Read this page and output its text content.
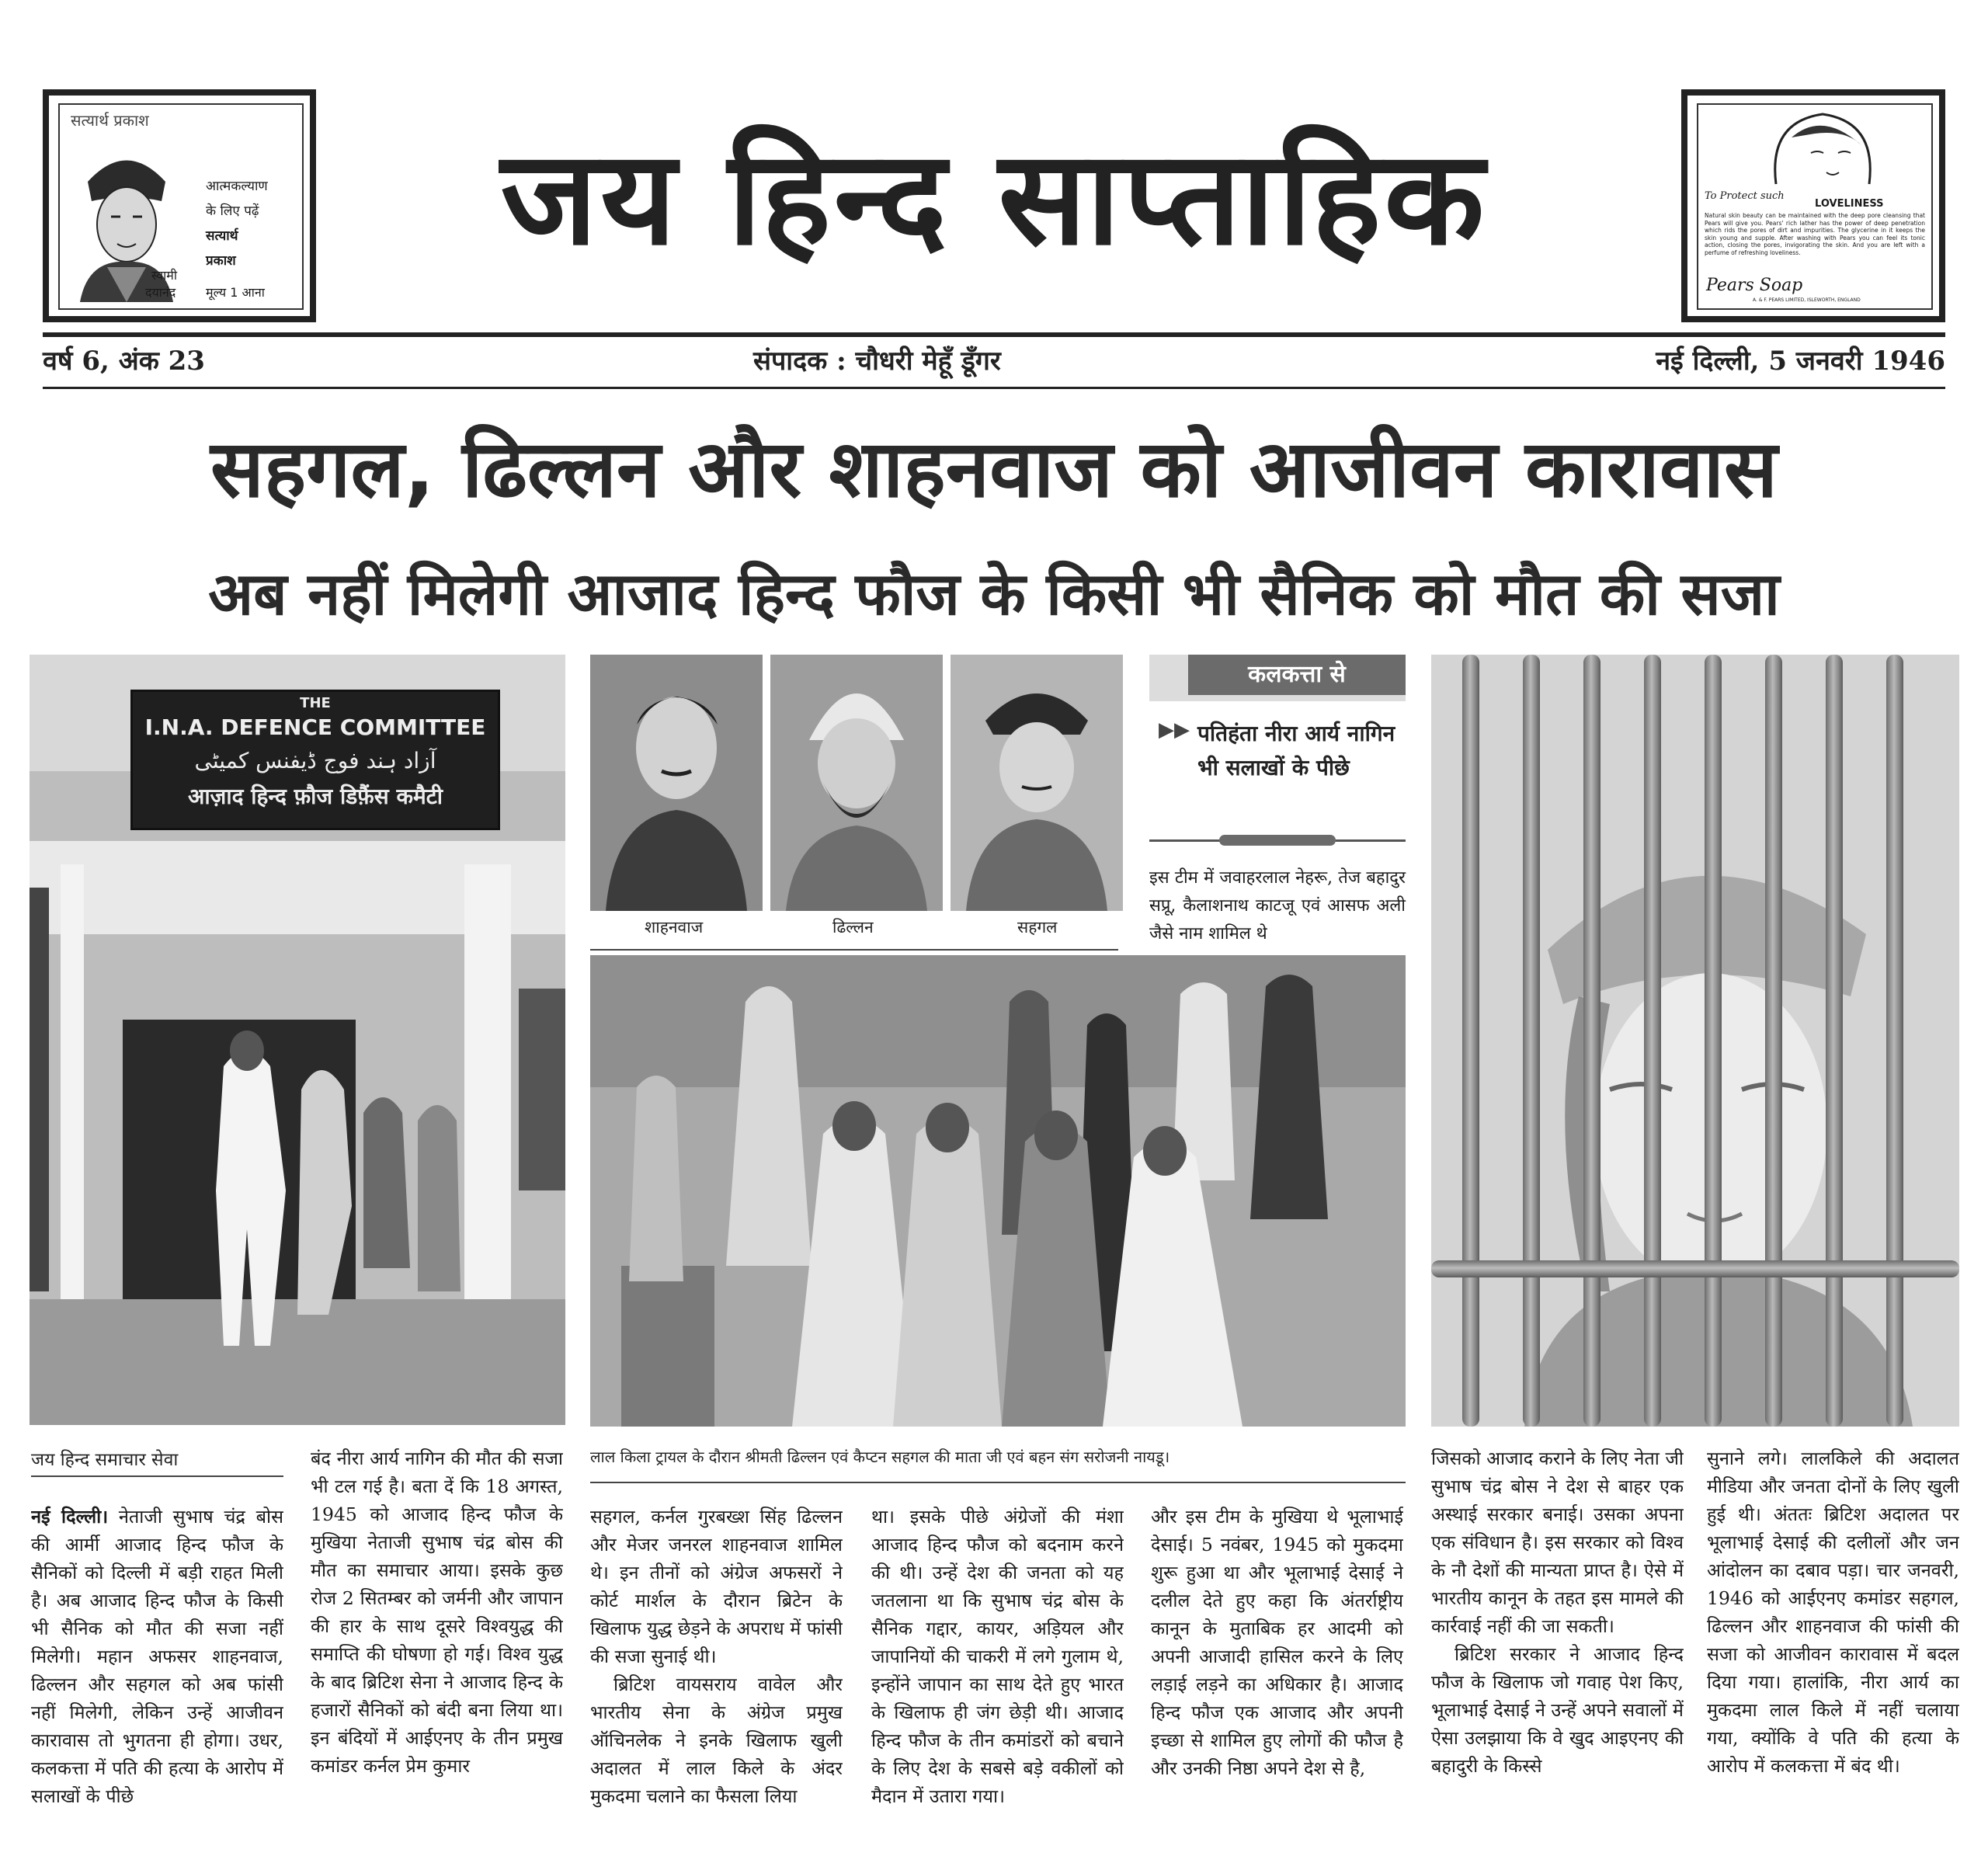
सत्यार्थ प्रकाश
आत्मकल्याण
के लिए पढ़ें
सत्यार्थ
प्रकाश
स्वामी
दयानंद मूल्य 1 आना
जय हिन्द साप्ताहिक	To Protect such
LOVELINESS
Natural skin beauty can be maintained with the deep pore cleansing that Pears will give you. Pears' rich lather has the power of deep penetration which rids the pores of dirt and impurities. The glycerine in it keeps the skin young and supple. After washing with Pears you can feel its tonic action, closing the pores, invigorating the skin. And you are left with a perfume of refreshing loveliness.
Pears Soap
A. & F. PEARS LIMITED, ISLEWORTH, ENGLAND
वर्ष 6, अंक 23	संपादक : चौधरी मेहूँ डूँगर	नई दिल्ली, 5 जनवरी 1946
सहगल, ढिल्लन और शाहनवाज को आजीवन कारावास
अब नहीं मिलेगी आजाद हिन्द फौज के किसी भी सैनिक को मौत की सजा
THE
I.N.A. DEFENCE COMMITTEE
آزاد ہند فوج ڈیفنس کمیٹی
आज़ाद हिन्द फ़ौज डिफ़ैंस कमैटी
शाहनवाज	ढिल्लन	सहगल
कलकत्ता से
▶▶ पतिहंता नीरा आर्य नागिन भी सलाखों के पीछे
इस टीम में जवाहरलाल नेहरू, तेज बहादुर सप्रू, कैलाशनाथ काटजू एवं आसफ अली जैसे नाम शामिल थे
लाल किला ट्रायल के दौरान श्रीमती ढिल्लन एवं कैप्टन सहगल की माता जी एवं बहन संग सरोजनी नायडू।
जय हिन्द समाचार सेवा

नई दिल्ली। नेताजी सुभाष चंद्र बोस की आर्मी आजाद हिन्द फौज के सैनिकों को दिल्ली में बड़ी राहत मिली है। अब आजाद हिन्द फौज के किसी भी सैनिक को मौत की सजा नहीं मिलेगी। महान अफसर शाहनवाज, ढिल्लन और सहगल को अब फांसी नहीं मिलेगी, लेकिन उन्हें आजीवन कारावास तो भुगतना ही होगा। उधर, कलकत्ता में पति की हत्या के आरोप में सलाखों के पीछे

बंद नीरा आर्य नागिन की मौत की सजा भी टल गई है। बता दें कि 18 अगस्त, 1945 को आजाद हिन्द फौज के मुखिया नेताजी सुभाष चंद्र बोस की मौत का समाचार आया। इसके कुछ रोज 2 सितम्बर को जर्मनी और जापान की हार के साथ दूसरे विश्वयुद्ध की समाप्ति की घोषणा हो गई। विश्व युद्ध के बाद ब्रिटिश सेना ने आजाद हिन्द के हजारों सैनिकों को बंदी बना लिया था। इन बंदियों में आईएनए के तीन प्रमुख कमांडर कर्नल प्रेम कुमार

सहगल, कर्नल गुरबख्श सिंह ढिल्लन और मेजर जनरल शाहनवाज शामिल थे। इन तीनों को अंग्रेज अफसरों ने कोर्ट मार्शल के दौरान ब्रिटेन के खिलाफ युद्ध छेड़ने के अपराध में फांसी की सजा सुनाई थी।

ब्रिटिश वायसराय वावेल और भारतीय सेना के अंग्रेज प्रमुख ऑचिनलेक ने इनके खिलाफ खुली अदालत में लाल किले के अंदर मुकदमा चलाने का फैसला लिया

था। इसके पीछे अंग्रेजों की मंशा आजाद हिन्द फौज को बदनाम करने की थी। उन्हें देश की जनता को यह जतलाना था कि सुभाष चंद्र बोस के सैनिक गद्दार, कायर, अड़ियल और जापानियों की चाकरी में लगे गुलाम थे, इन्होंने जापान का साथ देते हुए भारत के खिलाफ ही जंग छेड़ी थी। आजाद हिन्द फौज के तीन कमांडरों को बचाने के लिए देश के सबसे बड़े वकीलों को मैदान में उतारा गया।

और इस टीम के मुखिया थे भूलाभाई देसाई। 5 नवंबर, 1945 को मुकदमा शुरू हुआ था और भूलाभाई देसाई ने दलील देते हुए कहा कि अंतर्राष्ट्रीय कानून के मुताबिक हर आदमी को अपनी आजादी हासिल करने के लिए लड़ाई लड़ने का अधिकार है। आजाद हिन्द फौज एक आजाद और अपनी इच्छा से शामिल हुए लोगों की फौज है और उनकी निष्ठा अपने देश से है,

जिसको आजाद कराने के लिए नेता जी सुभाष चंद्र बोस ने देश से बाहर एक अस्थाई सरकार बनाई। उसका अपना एक संविधान है। इस सरकार को विश्व के नौ देशों की मान्यता प्राप्त है। ऐसे में भारतीय कानून के तहत इस मामले की कार्रवाई नहीं की जा सकती।

ब्रिटिश सरकार ने आजाद हिन्द फौज के खिलाफ जो गवाह पेश किए, भूलाभाई देसाई ने उन्हें अपने सवालों में ऐसा उलझाया कि वे खुद आइएनए की बहादुरी के किस्से

सुनाने लगे। लालकिले की अदालत मीडिया और जनता दोनों के लिए खुली हुई थी। अंततः ब्रिटिश अदालत पर भूलाभाई देसाई की दलीलों और जन आंदोलन का दबाव पड़ा। चार जनवरी, 1946 को आईएनए कमांडर सहगल, ढिल्लन और शाहनवाज की फांसी की सजा को आजीवन कारावास में बदल दिया गया। हालांकि, नीरा आर्य का मुकदमा लाल किले में नहीं चलाया गया, क्योंकि वे पति की हत्या के आरोप में कलकत्ता में बंद थी।
